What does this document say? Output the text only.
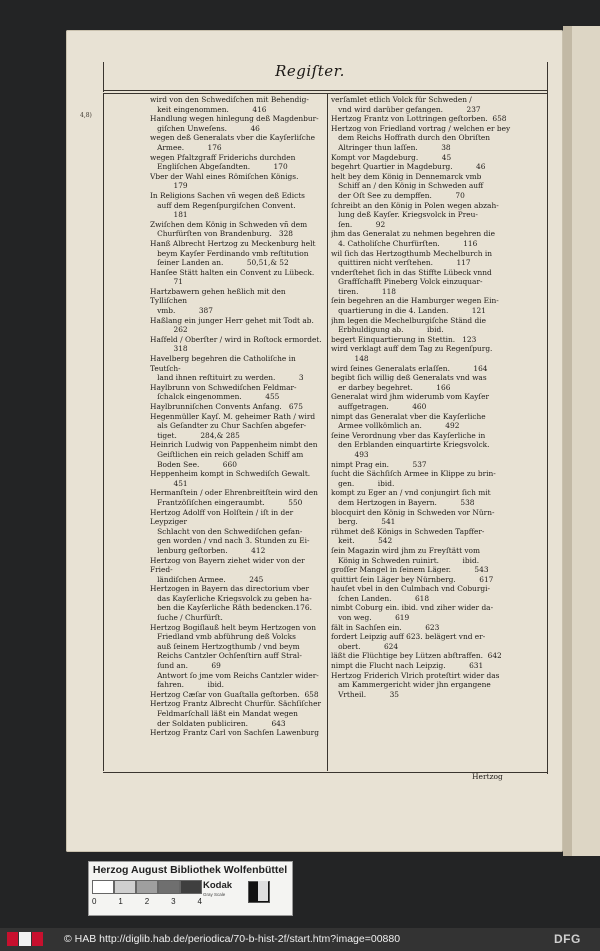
Regiſter.
4,8)
wird von den Schwediſchen mit Behendig-
keit eingenommen.          416
Handlung wegen hinlegung deß Magdenbur-
giſchen Unweſens.          46
wegen deß Generalats vber die Kayſerliſche
Armee.          176
wegen Pfaltzgraff Friderichs durchden
Engliſchen Abgeſandten.          170
Vber der Wahl eines Römiſchen Königs.
179
In Religions Sachen vñ wegen deß Edicts
auff dem Regenſpurgiſchen Convent.
181
Zwiſchen dem König in Schweden vñ dem
Churfürſten von Brandenburg.   328
Hanß Albrecht Hertzog zu Meckenburg helt
beym Kayſer Ferdinando vmb reſtitution
ſeiner Landen an.          50,51,& 52
Hanſee Stätt halten ein Convent zu Lübeck.
71
Hartzbawern gehen heßlich mit den Tylliſchen
vmb.          387
Haßlang ein junger Herr gehet mit Todt ab.
262
Haſfeld / Oberſter / wird in Roſtock ermordet.
318
Havelberg begehren die Catholiſche in Teutſch-
land ihnen reſtituirt zu werden.          3
Haylbrunn von Schwediſchen Feldmar-
ſchalck eingenommen.          455
Haylbrunniſchen Convents Anfang.   675
Hegenmüller Kayſ. M. geheimer Rath / wird
als Geſandter zu Chur Sachſen abgefer-
tiget.          284,& 285
Heinrich Ludwig von Pappenheim nimbt den
Geiſtlichen ein reich geladen Schiff am
Boden See.          660
Heppenheim kompt in Schwediſch Gewalt.
451
Hermanſtein / oder Ehrenbreitſtein wird den
Frantzöſiſchen eingeraumbt.          550
Hertzog Adolff von Holſtein / iſt in der Leypziger
Schlacht von den Schwediſchen gefan-
gen worden / vnd nach 3. Stunden zu Ei-
lenburg geſtorben.          412
Hertzog von Bayern ziehet wider von der Fried-
ländiſchen Armee.          245
Hertzogen in Bayern das directorium vber
das Kayſerliche Kriegsvolck zu geben ha-
ben die Kayſerliche Räth bedencken.176.
ſuche / Churfürſt.
Hertzog Bogiſlauß helt beym Hertzogen von
Friedland vmb abführung deß Volcks
auß ſeinem Hertzogthumb / vnd beym
Reichs Cantzler Ochſenſtirn auff Stral-
ſund an.          69
Antwort ſo jme vom Reichs Cantzler wider-
fahren.          ibid.
Hertzog Cæſar von Guaſtalla geſtorben.  658
Hertzog Frantz Albrecht Churfür. Sächſiſcher
Feldmarſchall läßt ein Mandat wegen
der Soldaten publiciren.          643
Hertzog Frantz Carl von Sachſen Lawenburg
verſamlet etlich Volck für Schweden /
vnd wird darüber gefangen.          237
Hertzog Frantz von Lottringen geſtorben.  658
Hertzog von Friedland vortrag / welchen er bey
dem Reichs Hoffrath durch den Obriſten
Altringer thun laſſen.          38
Kompt vor Magdeburg.          45
begehrt Quartier in Magdeburg.          46
helt bey dem König in Dennemarck vmb
Schiff an / den König in Schweden auff
der Oſt See zu dempffen.          70
ſchreibt an den König in Polen wegen abzah-
lung deß Kayſer. Kriegsvolck in Preu-
ſen.          92
jhm das Generalat zu nehmen begehren die
4. Catholiſche Churfürſten.          116
wil ſich das Hertzogthumb Mechelburch in
quittiren nicht verſtehen.          117
vnderſtehet ſich in das Stiffte Lübeck vnnd
Graffſchafft Pineberg Volck einzuquar-
tiren.          118
ſein begehren an die Hamburger wegen Ein-
quartierung in die 4. Landen.          121
jhm legen die Mechelburgiſche Ständ die
Erbhuldigung ab.          ibid.
begert Einquartierung in Stettin.   123
wird verklagt auff dem Tag zu Regenſpurg.
148
wird ſeines Generalats erlaſſen.          164
begibt ſich willig deß Generalats vnd was
er darbey begehret.          166
Generalat wird jhm widerumb vom Kayſer
auffgetragen.          460
nimpt das Generalat vber die Kayſerliche
Armee vollkömlich an.          492
ſeine Verordnung vber das Kayſerliche in
den Erblanden einquartirte Kriegsvolck.
493
nimpt Prag ein.          537
ſucht die Sächſiſch Armee in Klippe zu brin-
gen.          ibid.
kompt zu Eger an / vnd conjungirt ſich mit
dem Hertzogen in Bayern.          538
blocquirt den König in Schweden vor Nürn-
berg.          541
rühmet deß Königs in Schweden Tapffer-
keit.          542
ſein Magazin wird jhm zu Freyſtätt vom
König in Schweden ruinirt.          ibid.
groſſer Mangel in ſeinem Läger.          543
quittirt ſein Läger bey Nürnberg.          617
hauſet vbel in den Culmbach vnd Coburgi-
ſchen Landen.          618
nimbt Coburg ein. ibid. vnd ziher wider da-
von weg.          619
fält in Sachſen ein.          623
fordert Leipzig auff 623. belägert vnd er-
obert.          624
läßt die Flüchtige bey Lützen abſtraffen.  642
nimpt die Flucht nach Leipzig.          631
Hertzog Friderich Vlrich proteſtirt wider das
am Kammergericht wider jhn ergangene
Vrtheil.          35
Hertzog
Herzog August Bibliothek Wolfenbüttel
0	1	2	3	4
Kodak
Gray Scale
© HAB http://diglib.hab.de/periodica/70-b-hist-2f/start.htm?image=00880	DFG
